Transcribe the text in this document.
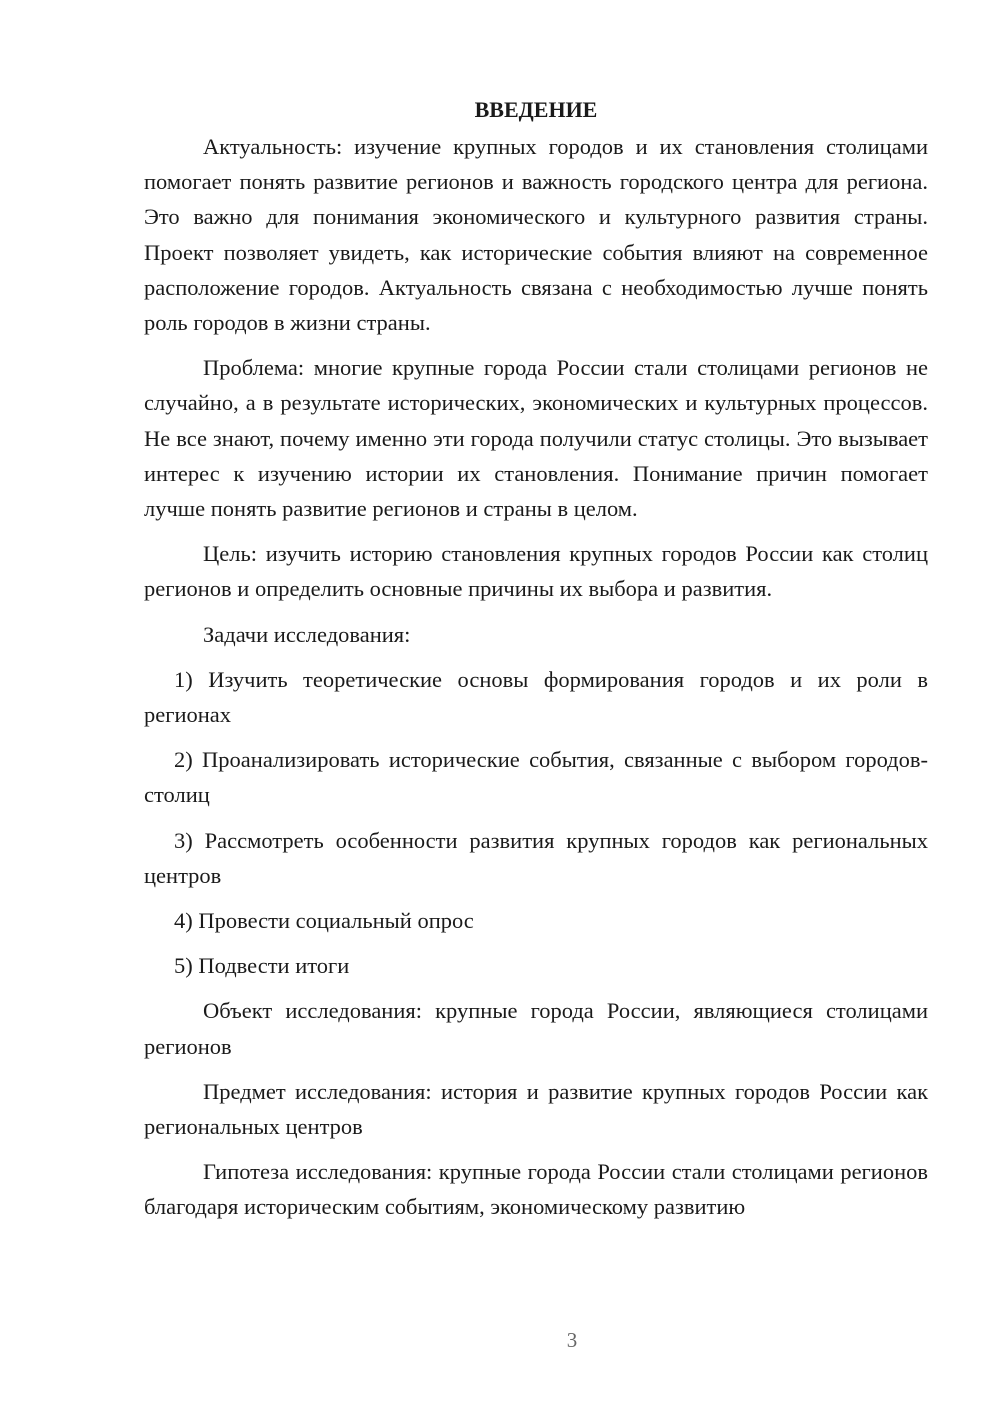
ВВЕДЕНИЕ

Актуальность: изучение крупных городов и их становления столицами помогает понять развитие регионов и важность городского центра для региона. Это важно для понимания экономического и культурного развития страны. Проект позволяет увидеть, как исторические события влияют на современное расположение городов. Актуальность связана с необходимостью лучше понять роль городов в жизни страны.

Проблема: многие крупные города России стали столицами регионов не случайно, а в результате исторических, экономических и культурных процессов. Не все знают, почему именно эти города получили статус столицы. Это вызывает интерес к изучению истории их становления. Понимание причин помогает лучше понять развитие регионов и страны в целом.

Цель: изучить историю становления крупных городов России как столиц регионов и определить основные причины их выбора и развития.

Задачи исследования:

1) Изучить теоретические основы формирования городов и их роли в регионах

2) Проанализировать исторические события, связанные с выбором городов-столиц

3) Рассмотреть особенности развития крупных городов как региональных центров

4) Провести социальный опрос

5) Подвести итоги

Объект исследования: крупные города России, являющиеся столицами регионов

Предмет исследования: история и развитие крупных городов России как региональных центров

Гипотеза исследования: крупные города России стали столицами регионов благодаря историческим событиям, экономическому развитию

3
